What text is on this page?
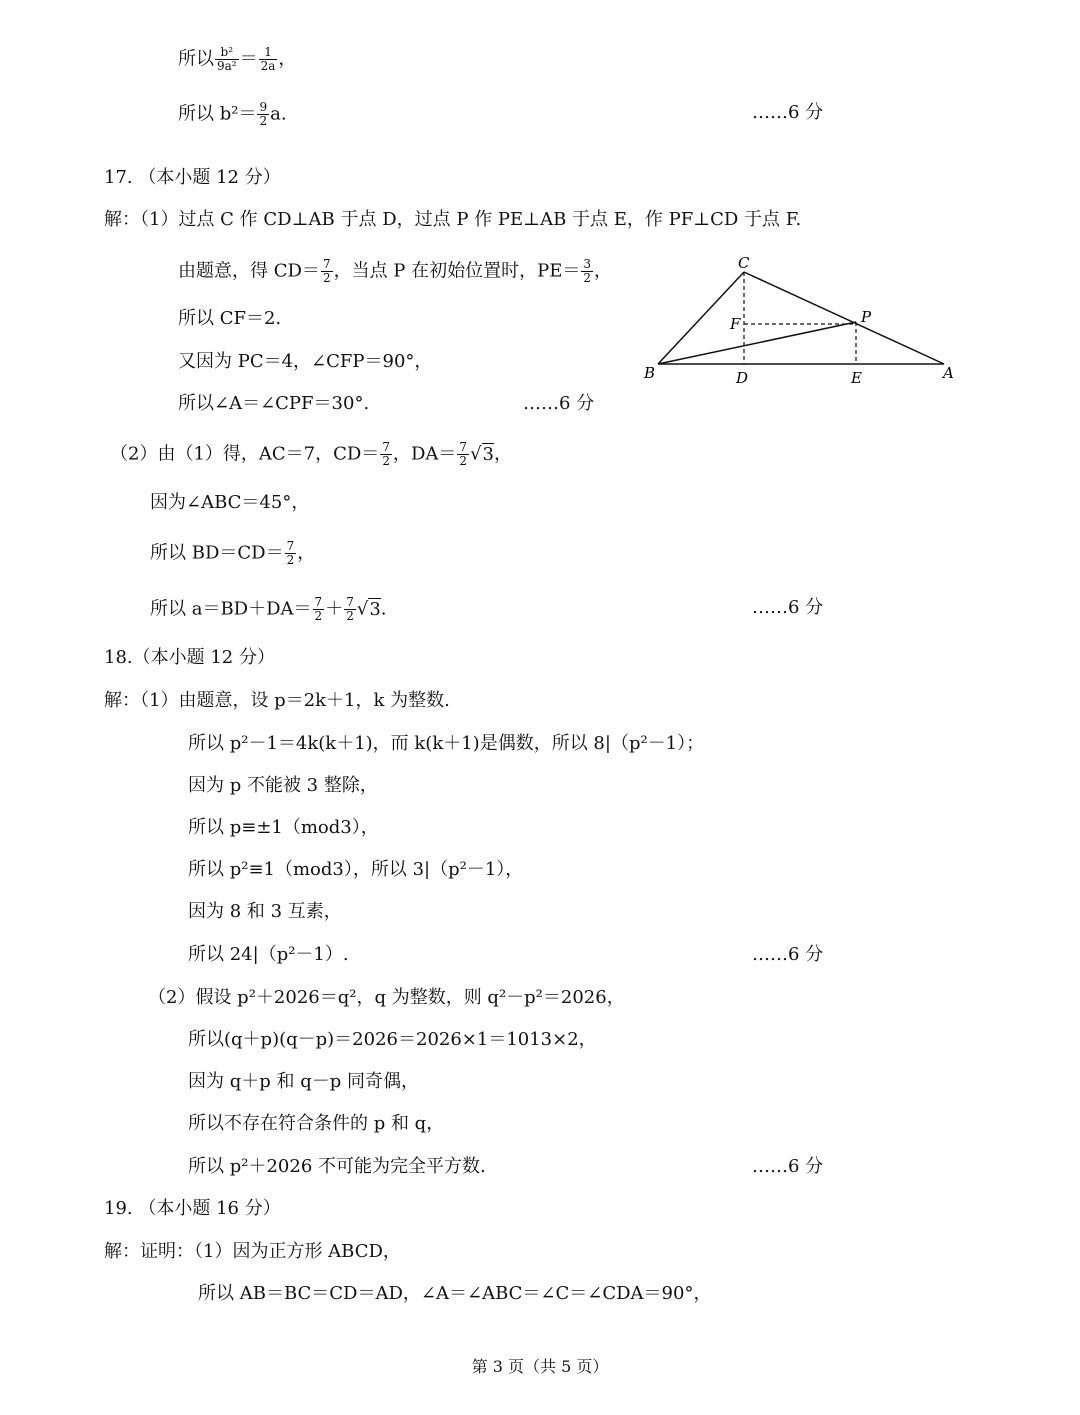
所以 $\frac{\text{b²}}{\text{9a²}} = \frac{1}{2a}$ ，
所以 $b^2= \frac{9}{2} a$.	……6 分
17. （本小题 12 分）
解：（1）过点 C 作 CD⊥AB 于点 D，过点 P 作 PE⊥AB 于点 E，作 PF⊥CD 于点 F.
由题意，得 $CD= \frac{7}{2}$ ，当点 P 在初始位置时，$PE= \frac{3}{2}$ ，
所以 CF＝2.
又因为 PC＝4，∠CFP＝90°，
所以∠A＝∠CPF＝30°.	……6 分
C
F	P
B	D	E	A
（2）由（1）得，AC＝7，$CD= \frac{7}{2}$ ，$DA= \frac{7}{2} √3$，
因为∠ABC＝45°，
所以 $BD=CD= \frac{7}{2}$ ，
所以 $a=BD+DA= \frac{7}{2} + \frac{7}{2} √3$.	……6 分
18.（本小题 12 分）
解：（1）由题意，设 p＝2k＋1，k 为整数.
所以 p²－1＝4k(k＋1)，而 k(k＋1)是偶数，所以 8|（p²－1）；
因为 p 不能被 3 整除，
所以 p≡±1（mod3），
所以 p²≡1（mod3），所以 3|（p²－1），
因为 8 和 3 互素，
所以 24|（p²－1）.	……6 分
（2）假设 p²＋2026＝q²，q 为整数，则 q²－p²＝2026，
所以(q＋p)(q－p)＝2026＝2026×1＝1013×2，
因为 q＋p 和 q－p 同奇偶，
所以不存在符合条件的 p 和 q，
所以 p²＋2026 不可能为完全平方数.	……6 分
19. （本小题 16 分）
解：证明：（1）因为正方形 ABCD，
所以 AB＝BC＝CD＝AD，∠A＝∠ABC＝∠C＝∠CDA＝90°，
第 3 页（共 5 页）
